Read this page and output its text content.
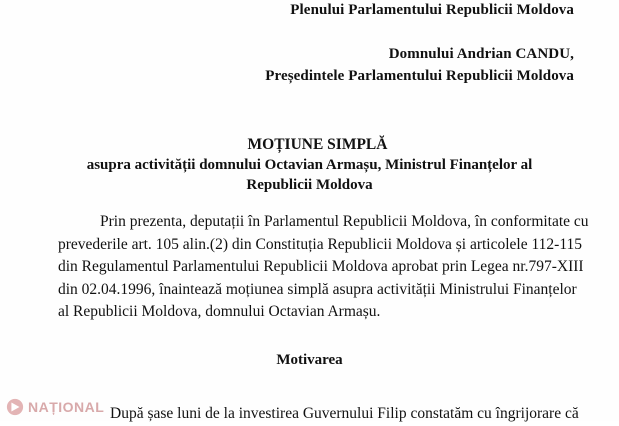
Plenului Parlamentului Republicii Moldova
Domnului Andrian CANDU,
Președintele Parlamentului Republicii Moldova
MOȚIUNE SIMPLĂ
asupra activității domnului Octavian Armașu, Ministrul Finanțelor al
Republicii Moldova
Prin prezenta, deputații în Parlamentul Republicii Moldova, în conformitate cu
prevederile art. 105 alin.(2) din Constituția Republicii Moldova și articolele 112-115
din Regulamentul Parlamentului Republicii Moldova aprobat prin Legea nr.797-XIII
din 02.04.1996, înaintează moțiunea simplă asupra activității Ministrului Finanțelor
al Republicii Moldova, domnului Octavian Armașu.
Motivarea
După șase luni de la investirea Guvernului Filip constatăm cu îngrijorare că
NAȚIONAL
